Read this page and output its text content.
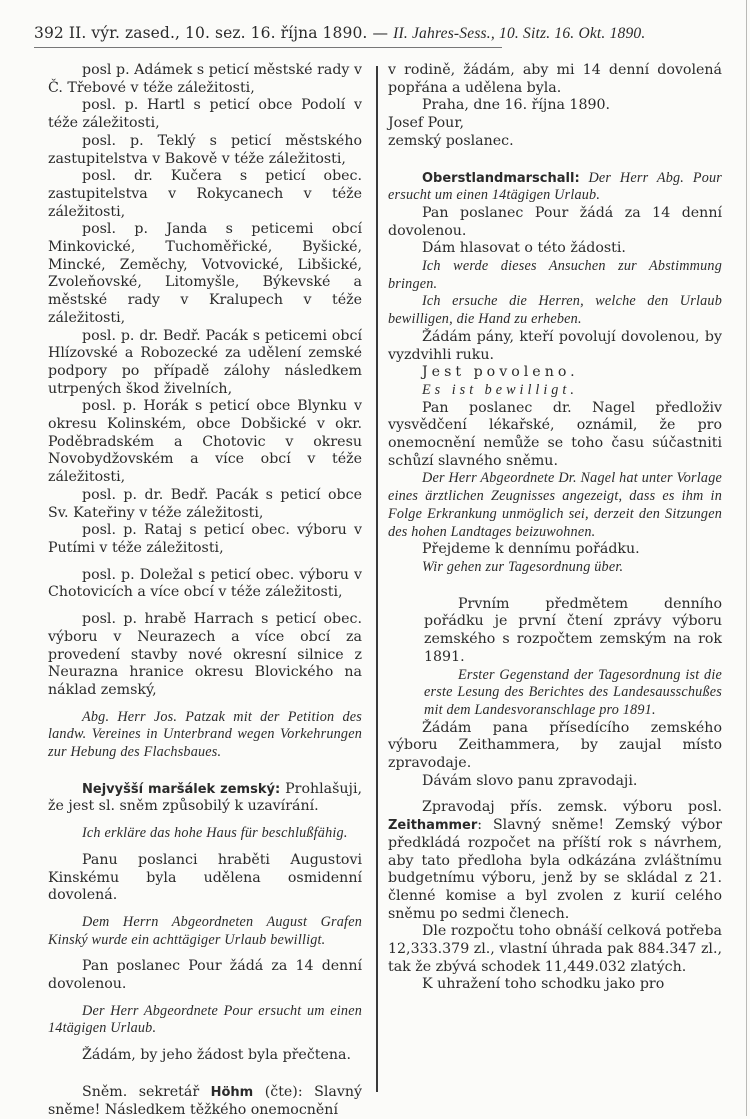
392 II. výr. zased., 10. sez. 16. října 1890. — II. Jahres-Sess., 10. Sitz. 16. Okt. 1890.

posl p. Adámek s peticí městské rady v Č. Třebové v téže záležitosti,

posl. p. Hartl s peticí obce Podolí v téže záležitosti,

posl. p. Teklý s peticí městského zastupitelstva v Bakově v téže záležitosti,

posl. dr. Kučera s peticí obec. zastupitelstva v Rokycanech v téže záležitosti,

posl. p. Janda s peticemi obcí Minkovické, Tuchoměřické, Byšické, Mincké, Zeměchy, Votvovické, Libšické, Zvoleňovské, Litomyšle, Býkevské a městské rady v Kralupech v téže záležitosti,

posl. p. dr. Bedř. Pacák s peticemi obcí Hlízovské a Robozecké za udělení zemské podpory po případě zálohy následkem utrpených škod živelních,

posl. p. Horák s peticí obce Blynku v okresu Kolinském, obce Dobšické v okr. Poděbradském a Chotovic v okresu Novobydžovském a více obcí v téže záležitosti,

posl. p. dr. Bedř. Pacák s peticí obce Sv. Kateřiny v téže záležitosti,

posl. p. Rataj s peticí obec. výboru v Putími v téže záležitosti,

posl. p. Doležal s peticí obec. výboru v Chotovicích a více obcí v téže záležitosti,

posl. p. hrabě Harrach s peticí obec. výboru v Neurazech a více obcí za provedení stavby nové okresní silnice z Neurazna hranice okresu Blovického na náklad zemský,

Abg. Herr Jos. Patzak mit der Petition des landw. Vereines in Unterbrand wegen Vorkehrungen zur Hebung des Flachsbaues.

Nejvyšší maršálek zemský: Prohlašuji, že jest sl. sněm způsobilý k uzavírání.

Ich erkläre das hohe Haus für beschlußfähig.

Panu poslanci hraběti Augustovi Kinskému byla udělena osmidenní dovolená.

Dem Herrn Abgeordneten August Grafen Kinský wurde ein achttägiger Urlaub bewilligt.

Pan poslanec Pour žádá za 14 denní dovolenou.

Der Herr Abgeordnete Pour ersucht um einen 14tägigen Urlaub.

Žádám, by jeho žádost byla přečtena.

Sněm. sekretář Höhm (čte): Slavný sněme! Následkem těžkého onemocnění

v rodině, žádám, aby mi 14 denní dovolená popřána a udělena byla.

Praha, dne 16. října 1890.

Josef Pour,

zemský poslanec.

Oberstlandmarschall: Der Herr Abg. Pour ersucht um einen 14tägigen Urlaub.

Pan poslanec Pour žádá za 14 denní dovolenou.

Dám hlasovat o této žádosti.

Ich werde dieses Ansuchen zur Abstimmung bringen.

Ich ersuche die Herren, welche den Urlaub bewilligen, die Hand zu erheben.

Žádám pány, kteří povolují dovolenou, by vyzdvihli ruku.

Jest povoleno.

Es ist bewilligt.

Pan poslanec dr. Nagel předloživ vysvědčení lékařské, oznámil, že pro onemocnění nemůže se toho času súčastniti schůzí slavného sněmu.

Der Herr Abgeordnete Dr. Nagel hat unter Vorlage eines ärztlichen Zeugnisses angezeigt, dass es ihm in Folge Erkrankung unmöglich sei, derzeit den Sitzungen des hohen Landtages beizuwohnen.

Přejdeme k dennímu pořádku.

Wir gehen zur Tagesordnung über.

Prvním předmětem denního pořádku je první čtení zprávy výboru zemského s rozpočtem zemským na rok 1891.

Erster Gegenstand der Tagesordnung ist die erste Lesung des Berichtes des Landesausschußes mit dem Landesvoranschlage pro 1891.

Žádám pana přísedícího zemského výboru Zeithammera, by zaujal místo zpravodaje.

Dávám slovo panu zpravodaji.

Zpravodaj přís. zemsk. výboru posl. Zeithammer: Slavný sněme! Zemský výbor předkládá rozpočet na příští rok s návrhem, aby tato předloha byla odkázána zvláštnímu budgetnímu výboru, jenž by se skládal z 21. členné komise a byl zvolen z kurií celého sněmu po sedmi členech.

Dle rozpočtu toho obnáší celková potřeba 12,333.379 zl., vlastní úhrada pak 884.347 zl., tak že zbývá schodek 11,449.032 zlatých.

K uhražení toho schodku jako pro
